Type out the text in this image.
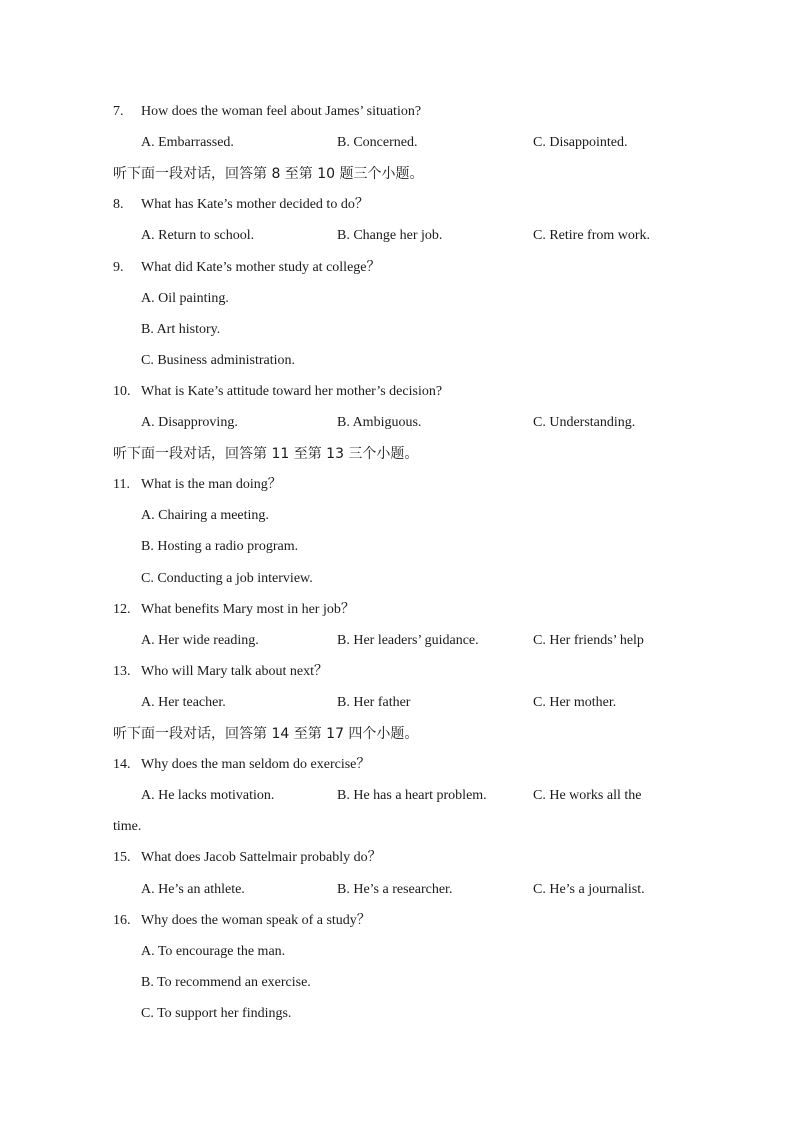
7. How does the woman feel about James’ situation?
A. Embarrassed.	B. Concerned.	C. Disappointed.
听下面一段对话，回答第 8 至第 10 题三个小题。
8. What has Kate’s mother decided to do？
A. Return to school.	B. Change her job.	C. Retire from work.
9. What did Kate’s mother study at college？
A. Oil painting.
B. Art history.
C. Business administration.
10. What is Kate’s attitude toward her mother’s decision?
A. Disapproving.	B. Ambiguous.	C. Understanding.
听下面一段对话，回答第 11 至第 13 三个小题。
11. What is the man doing？
A. Chairing a meeting.
B. Hosting a radio program.
C. Conducting a job interview.
12. What benefits Mary most in her job？
A. Her wide reading.	B. Her leaders’ guidance.	C. Her friends’ help
13. Who will Mary talk about next？
A. Her teacher.	B. Her father	C. Her mother.
听下面一段对话，回答第 14 至第 17 四个小题。
14. Why does the man seldom do exercise？
A. He lacks motivation.	B. He has a heart problem.	C. He works all the
time.
15. What does Jacob Sattelmair probably do？
A. He’s an athlete.	B. He’s a researcher.	C. He’s a journalist.
16. Why does the woman speak of a study？
A. To encourage the man.
B. To recommend an exercise.
C. To support her findings.
